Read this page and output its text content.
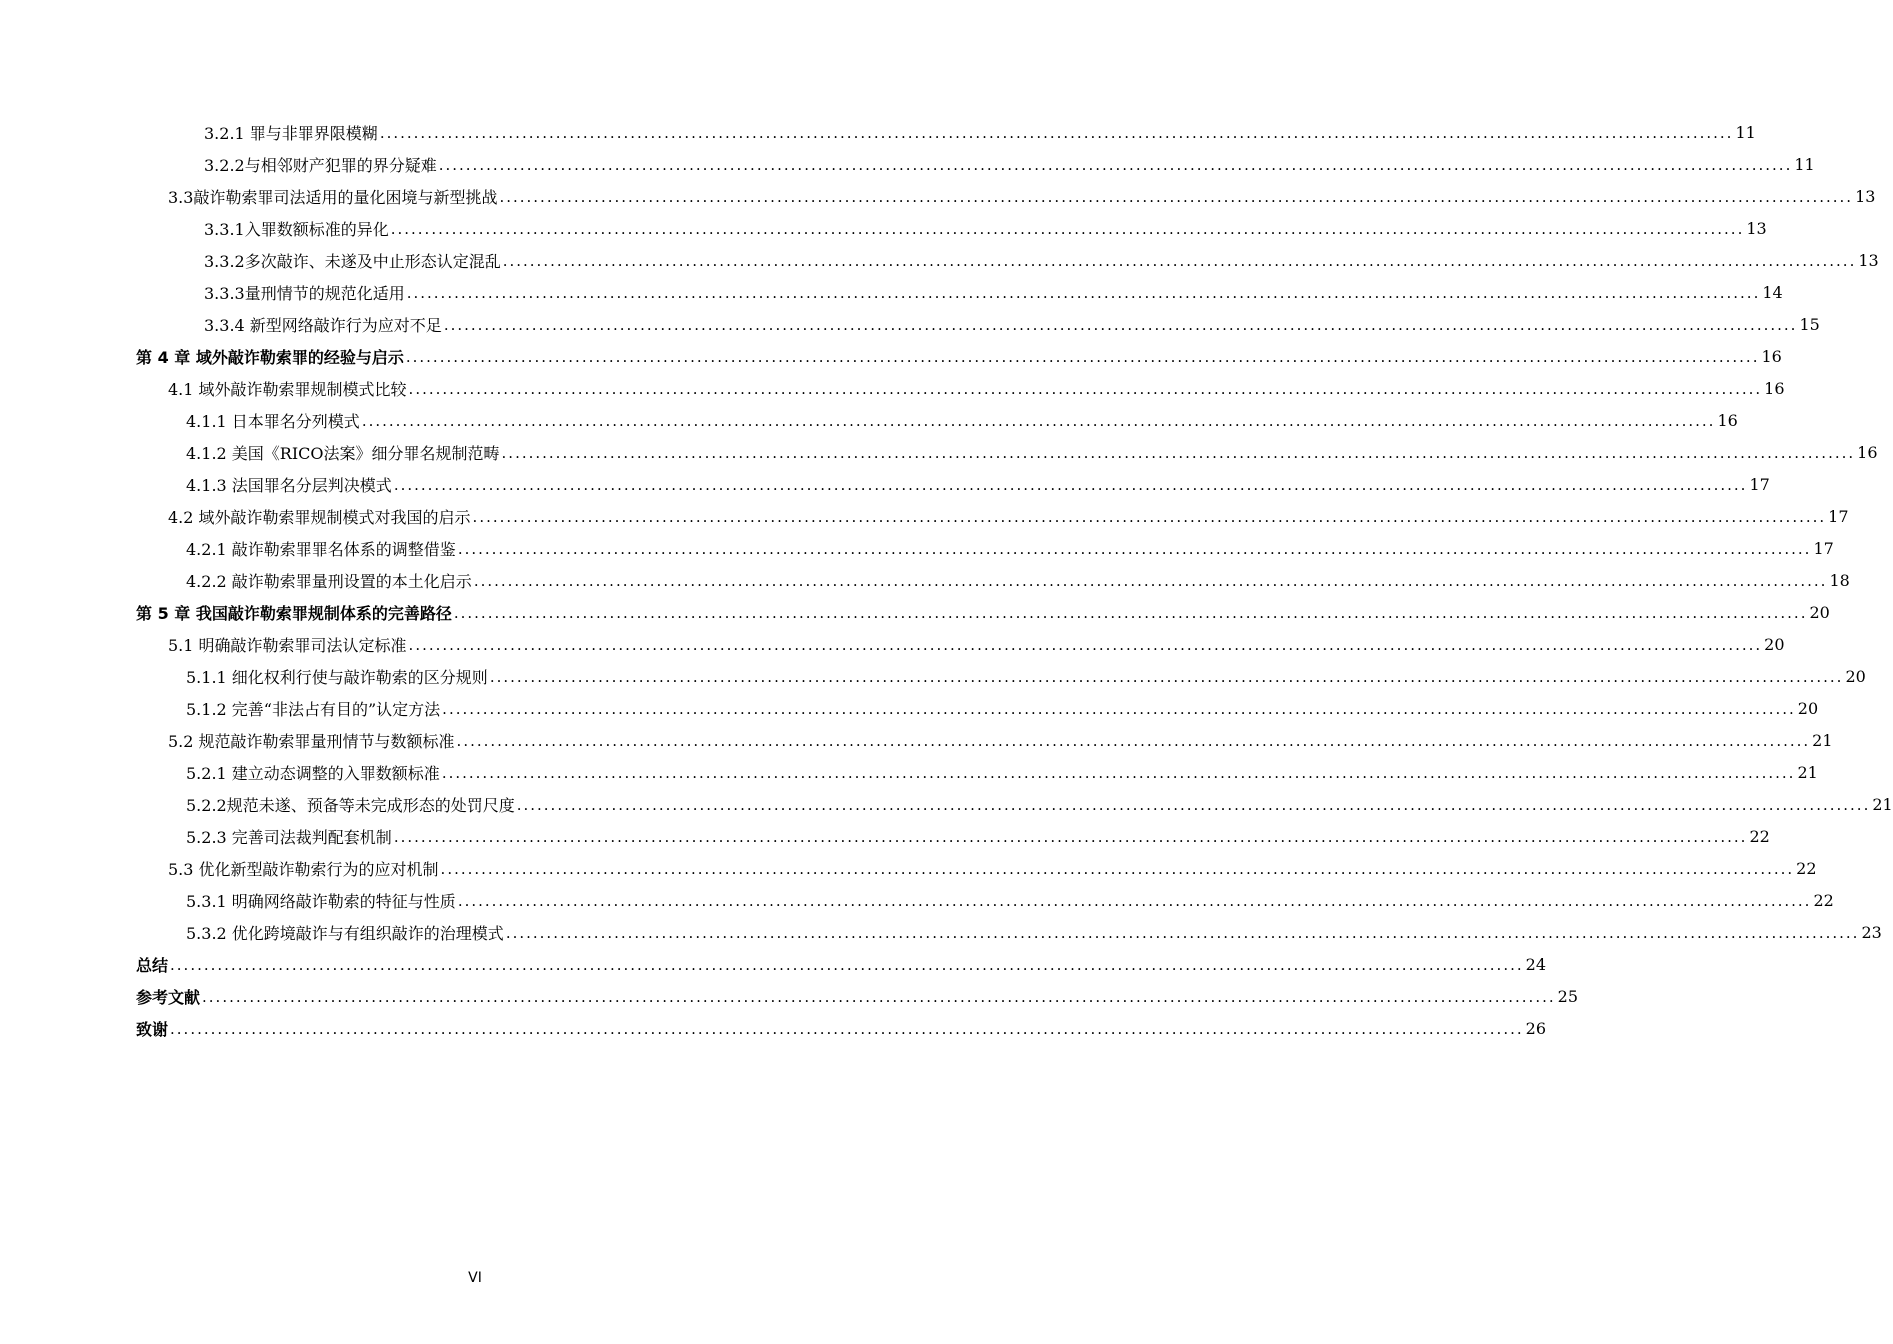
3.2.1 罪与非罪界限模糊 ........................................................................................................................................................................................................ 11
3.2.2与相邻财产犯罪的界分疑难 ........................................................................................................................................................................................................ 11
3.3敲诈勒索罪司法适用的量化困境与新型挑战 ........................................................................................................................................................................................................ 13
3.3.1入罪数额标准的异化 ........................................................................................................................................................................................................ 13
3.3.2多次敲诈、未遂及中止形态认定混乱 ........................................................................................................................................................................................................ 13
3.3.3量刑情节的规范化适用 ........................................................................................................................................................................................................ 14
3.3.4 新型网络敲诈行为应对不足 ........................................................................................................................................................................................................ 15
第 4 章 域外敲诈勒索罪的经验与启示 ........................................................................................................................................................................................................ 16
4.1 域外敲诈勒索罪规制模式比较 ........................................................................................................................................................................................................ 16
4.1.1 日本罪名分列模式 ........................................................................................................................................................................................................ 16
4.1.2 美国《RICO法案》细分罪名规制范畴 ........................................................................................................................................................................................................ 16
4.1.3 法国罪名分层判决模式 ........................................................................................................................................................................................................ 17
4.2 域外敲诈勒索罪规制模式对我国的启示 ........................................................................................................................................................................................................ 17
4.2.1 敲诈勒索罪罪名体系的调整借鉴 ........................................................................................................................................................................................................ 17
4.2.2 敲诈勒索罪量刑设置的本土化启示 ........................................................................................................................................................................................................ 18
第 5 章 我国敲诈勒索罪规制体系的完善路径 ........................................................................................................................................................................................................ 20
5.1 明确敲诈勒索罪司法认定标准 ........................................................................................................................................................................................................ 20
5.1.1 细化权利行使与敲诈勒索的区分规则 ........................................................................................................................................................................................................ 20
5.1.2 完善“非法占有目的”认定方法 ........................................................................................................................................................................................................ 20
5.2 规范敲诈勒索罪量刑情节与数额标准 ........................................................................................................................................................................................................ 21
5.2.1 建立动态调整的入罪数额标准 ........................................................................................................................................................................................................ 21
5.2.2规范未遂、预备等未完成形态的处罚尺度 ........................................................................................................................................................................................................ 21
5.2.3 完善司法裁判配套机制 ........................................................................................................................................................................................................ 22
5.3 优化新型敲诈勒索行为的应对机制 ........................................................................................................................................................................................................ 22
5.3.1 明确网络敲诈勒索的特征与性质 ........................................................................................................................................................................................................ 22
5.3.2 优化跨境敲诈与有组织敲诈的治理模式 ........................................................................................................................................................................................................ 23
总结 ........................................................................................................................................................................................................ 24
参考文献 ........................................................................................................................................................................................................ 25
致谢 ........................................................................................................................................................................................................ 26
VI
